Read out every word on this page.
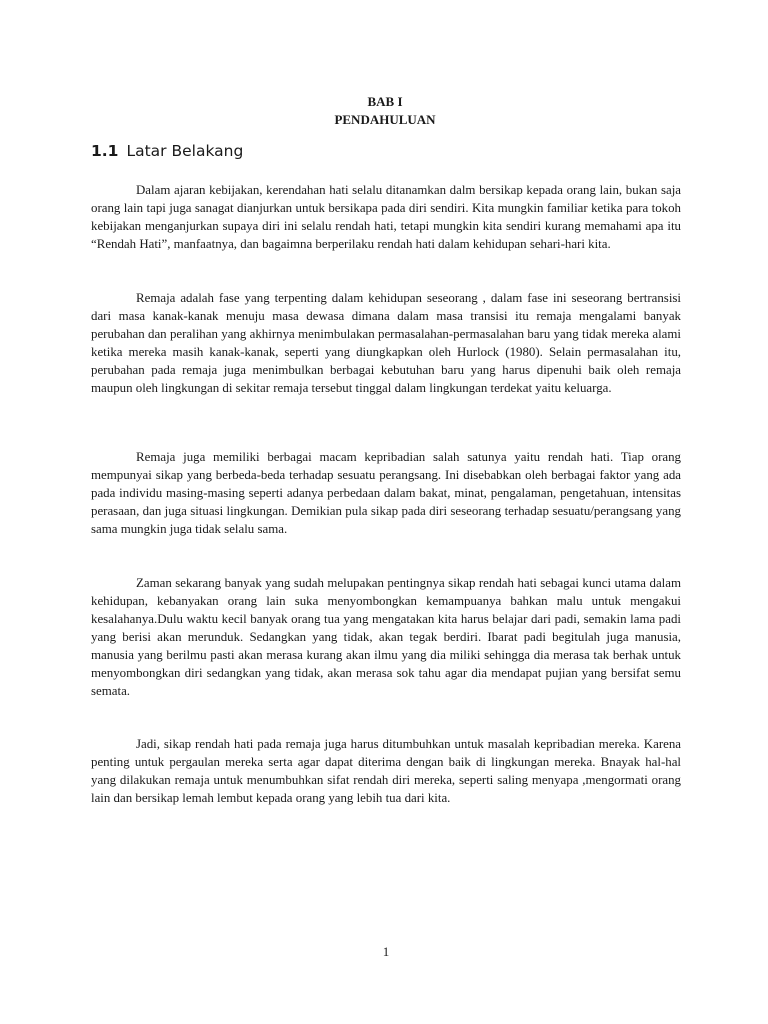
BAB I
PENDAHULUAN
1.1 Latar Belakang

Dalam ajaran kebijakan, kerendahan hati selalu ditanamkan dalm bersikap kepada orang lain, bukan saja orang lain tapi juga sanagat dianjurkan untuk bersikapa pada diri sendiri. Kita mungkin familiar ketika para tokoh kebijakan menganjurkan supaya diri ini selalu rendah hati, tetapi mungkin kita sendiri kurang memahami apa itu “Rendah Hati”, manfaatnya, dan bagaimna berperilaku rendah hati dalam kehidupan sehari-hari kita.

Remaja adalah fase yang terpenting dalam kehidupan seseorang , dalam fase ini seseorang bertransisi dari masa kanak-kanak menuju masa dewasa dimana dalam masa transisi itu remaja mengalami banyak perubahan dan peralihan yang akhirnya menimbulakan permasalahan-permasalahan baru yang tidak mereka alami ketika mereka masih kanak-kanak, seperti yang diungkapkan oleh Hurlock (1980). Selain permasalahan itu, perubahan pada remaja juga menimbulkan berbagai kebutuhan baru yang harus dipenuhi baik oleh remaja maupun oleh lingkungan di sekitar remaja tersebut tinggal dalam lingkungan terdekat yaitu keluarga.

Remaja juga memiliki berbagai macam kepribadian salah satunya yaitu rendah hati. Tiap orang mempunyai sikap yang berbeda-beda terhadap sesuatu perangsang. Ini disebabkan oleh berbagai faktor yang ada pada individu masing-masing seperti adanya perbedaan dalam bakat, minat, pengalaman, pengetahuan, intensitas perasaan, dan juga situasi lingkungan. Demikian pula sikap pada diri seseorang terhadap sesuatu/perangsang yang sama mungkin juga tidak selalu sama.

Zaman sekarang banyak yang sudah melupakan pentingnya sikap rendah hati sebagai kunci utama dalam kehidupan, kebanyakan orang lain suka menyombongkan kemampuanya bahkan malu untuk mengakui kesalahanya.Dulu waktu kecil banyak orang tua yang mengatakan kita harus belajar dari padi, semakin lama padi yang berisi akan merunduk. Sedangkan yang tidak, akan tegak berdiri. Ibarat padi begitulah juga manusia, manusia yang berilmu pasti akan merasa kurang akan ilmu yang dia miliki sehingga dia merasa tak berhak untuk menyombongkan diri sedangkan yang tidak, akan merasa sok tahu agar dia mendapat pujian yang bersifat semu semata.

Jadi, sikap rendah hati pada remaja juga harus ditumbuhkan untuk masalah kepribadian mereka. Karena penting untuk pergaulan mereka serta agar dapat diterima dengan baik di lingkungan mereka. Bnayak hal-hal yang dilakukan remaja untuk menumbuhkan sifat rendah diri mereka, seperti saling menyapa ,mengormati orang lain dan bersikap lemah lembut kepada orang yang lebih tua dari kita.

1
